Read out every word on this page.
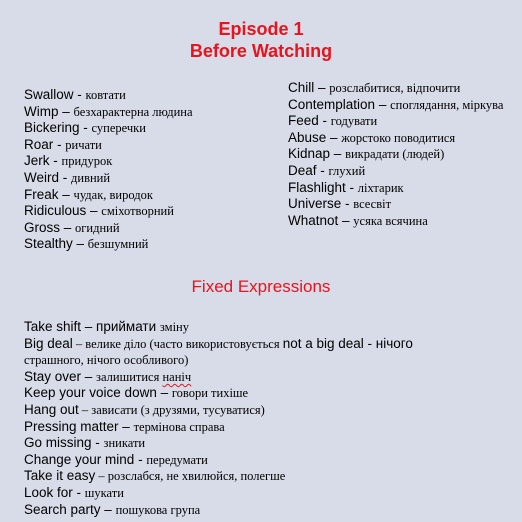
Episode 1
Before Watching
Swallow - ковтати
Wimp – безхарактерна людина
Bickering - суперечки
Roar - ричати
Jerk - придурок
Weird - дивний
Freak – чудак, виродок
Ridiculous – сміхотворний
Gross – огидний
Stealthy – безшумний
Chill – розслабитися, відпочити
Contemplation – споглядання, міркува
Feed - годувати
Abuse – жорстоко поводитися
Kidnap – викрадати (людей)
Deaf - глухий
Flashlight - ліхтарик
Universe - всесвіт
Whatnot – усяка всячина
Fixed Expressions
Take shift – приймати зміну
Big deal – велике діло (часто використовується not a big deal - нічого
страшного, нічого особливого)
Stay over – залишитися наніч
Keep your voice down – говори тихіше
Hang out – зависати (з друзями, тусуватися)
Pressing matter – термінова справа
Go missing - зникати
Change your mind - передумати
Take it easy – розслабся, не хвилюйся, полегше
Look for - шукати
Search party – пошукова група
